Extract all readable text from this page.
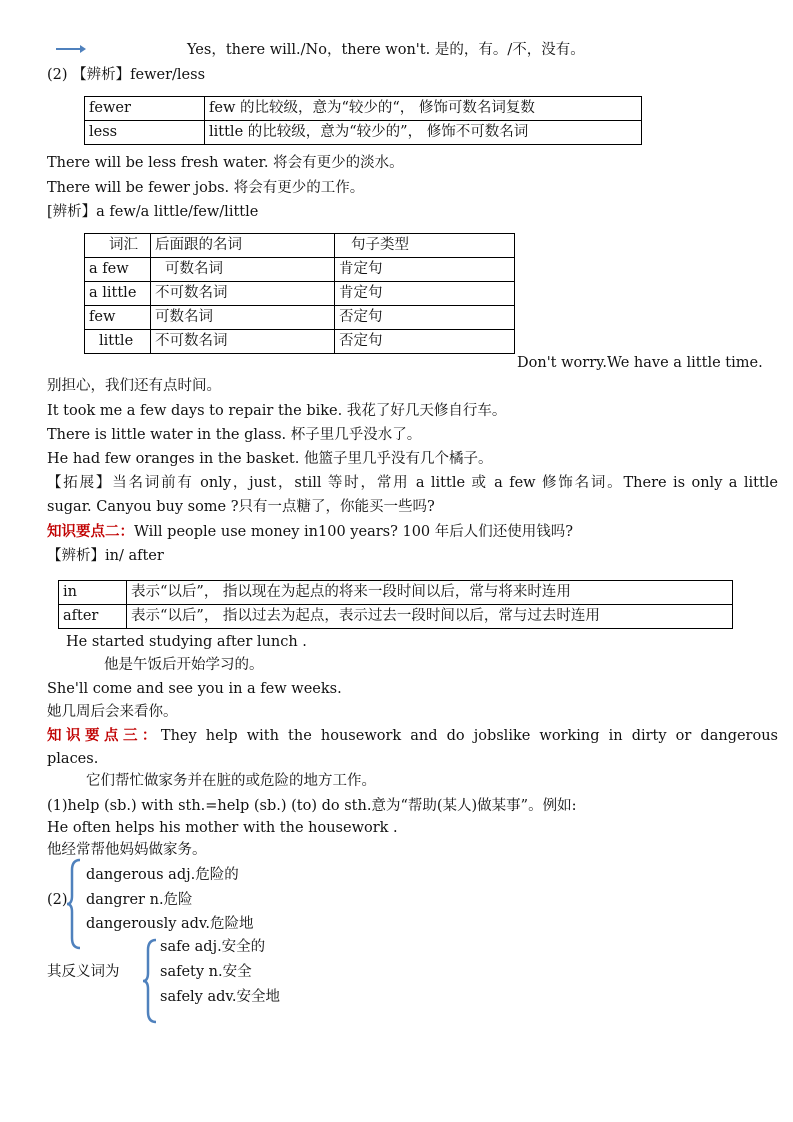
Yes，there will./No，there won't. 是的，有。/不，没有。
(2) 【辨析】fewer/less
fewer	few 的比较级，意为“较少的“， 修饰可数名词复数
less	little 的比较级，意为“较少的”， 修饰不可数名词
There will be less fresh water. 将会有更少的淡水。
There will be fewer jobs. 将会有更少的工作。
[辨析】a few/a little/few/little
词汇	后面跟的名词	句子类型
a few	可数名词	肯定句
a little	不可数名词	肯定句
few	可数名词	否定句
little	不可数名词	否定句
Don't worry.We have a little time.
别担心，我们还有点时间。
It took me a few days to repair the bike. 我花了好几天修自行车。
There is little water in the glass. 杯子里几乎没水了。
He had few oranges in the basket. 他篮子里几乎没有几个橘子。
【拓展】当名词前有 only，just，still 等时，常用 a little 或 a few 修饰名词。There is only a little
sugar. Canyou buy some ?只有一点糖了，你能买一些吗?
知识要点二：Will people use money in100 years? 100 年后人们还使用钱吗?
【辨析】in/ after
in	表示“以后”， 指以现在为起点的将来一段时间以后，常与将来时连用
after	表示“以后”， 指以过去为起点，表示过去一段时间以后，常与过去时连用
He started studying after lunch .
他是午饭后开始学习的。
She'll come and see you in a few weeks.
她几周后会来看你。
知识要点三：They help with the housework and do jobslike working in dirty or dangerous
places.
它们帮忙做家务并在脏的或危险的地方工作。
(1)help (sb.) with sth.=help (sb.) (to) do sth.意为“帮助(某人)做某事”。例如:
He often helps his mother with the housework .
他经常帮他妈妈做家务。
(2)
dangerous adj.危险的
dangrer n.危险
dangerously adv.危险地
其反义词为
safe adj.安全的
safety n.安全
safely adv.安全地
